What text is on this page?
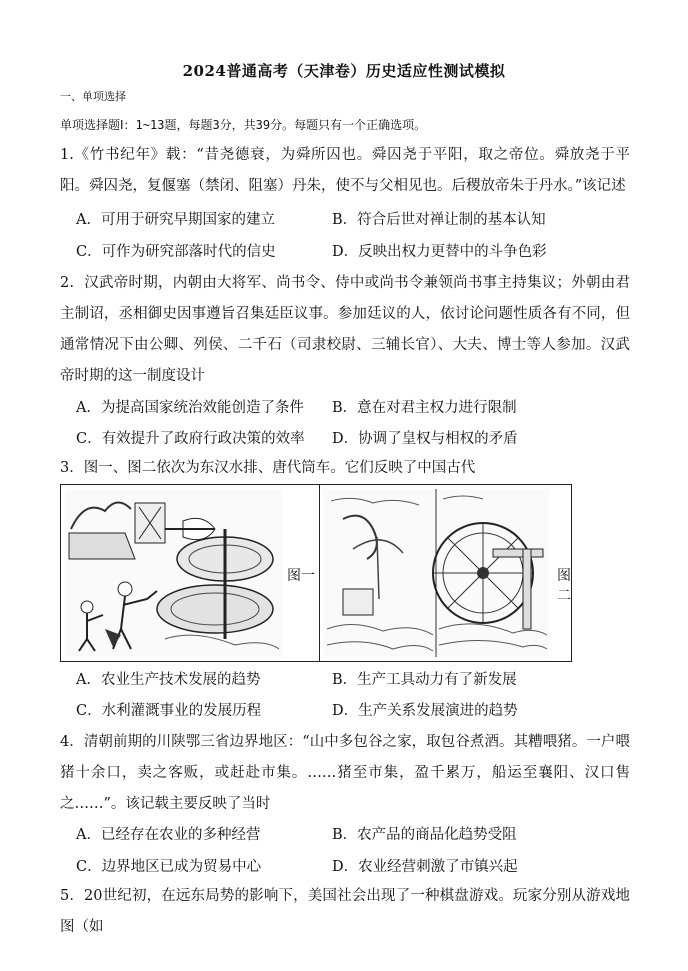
2024普通高考（天津卷）历史适应性测试模拟
一、单项选择
单项选择题Ⅰ：1~13题，每题3分，共39分。每题只有一个正确选项。
1.《竹书纪年》载：“昔尧德衰，为舜所囚也。舜囚尧于平阳，取之帝位。舜放尧于平阳。舜囚尧，复偃塞（禁闭、阻塞）丹朱，使不与父相见也。后稷放帝朱于丹水。”该记述
A．可用于研究早期国家的建立	B．符合后世对禅让制的基本认知
C．可作为研究部落时代的信史	D．反映出权力更替中的斗争色彩
2．汉武帝时期，内朝由大将军、尚书令、侍中或尚书令兼领尚书事主持集议；外朝由君主制诏，丞相御史因事遵旨召集廷臣议事。参加廷议的人，依讨论问题性质各有不同，但通常情况下由公卿、列侯、二千石（司隶校尉、三辅长官）、大夫、博士等人参加。汉武帝时期的这一制度设计
A．为提高国家统治效能创造了条件 B．意在对君主权力进行限制
C．有效提升了政府行政决策的效率 D．协调了皇权与相权的矛盾
3．图一、图二依次为东汉水排、唐代筒车。它们反映了中国古代
图一	图二
A．农业生产技术发展的趋势	B．生产工具动力有了新发展
C．水利灌溉事业的发展历程	D．生产关系发展演进的趋势
4．清朝前期的川陕鄂三省边界地区：“山中多包谷之家，取包谷煮酒。其糟喂猪。一户喂猪十余口，卖之客贩，或赶赴市集。……猪至市集，盈千累万，船运至襄阳、汉口售之……”。该记载主要反映了当时
A．已经存在农业的多种经营	B．农产品的商品化趋势受阻
C．边界地区已成为贸易中心	D．农业经营刺激了市镇兴起
5．20世纪初，在远东局势的影响下，美国社会出现了一种棋盘游戏。玩家分别从游戏地图（如
